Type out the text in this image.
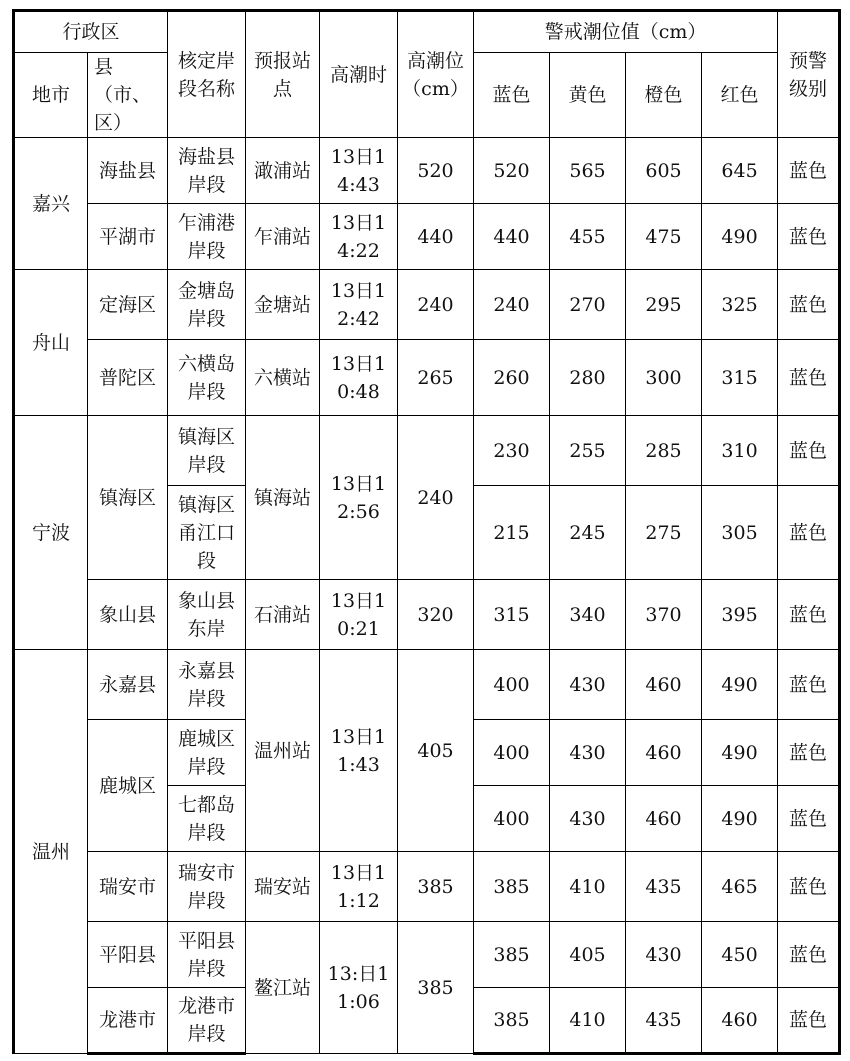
行政区		核定岸段名称	预报站点	高潮时	高潮位（cm）	警戒潮位值（cm）				预警级别
地市	县（市、区）					蓝色	黄色	橙色	红色	
嘉兴	海盐县	海盐县岸段	澉浦站	13日14:43	520	520	565	605	645	蓝色
	平湖市	乍浦港岸段	乍浦站	13日14:22	440	440	455	475	490	蓝色
舟山	定海区	金塘岛岸段	金塘站	13日12:42	240	240	270	295	325	蓝色
	普陀区	六横岛岸段	六横站	13日10:48	265	260	280	300	315	蓝色
宁波	镇海区	镇海区岸段	镇海站	13日12:56	240	230	255	285	310	蓝色
		镇海区甬江口段				215	245	275	305	蓝色
	象山县	象山县东岸	石浦站	13日10:21	320	315	340	370	395	蓝色
温州	永嘉县	永嘉县岸段	温州站	13日11:43	405	400	430	460	490	蓝色
	鹿城区	鹿城区岸段				400	430	460	490	蓝色
		七都岛岸段				400	430	460	490	蓝色
	瑞安市	瑞安市岸段	瑞安站	13日11:12	385	385	410	435	465	蓝色
	平阳县	平阳县岸段	鳌江站	13:日11:06	385	385	405	430	450	蓝色
	龙港市	龙港市岸段				385	410	435	460	蓝色
